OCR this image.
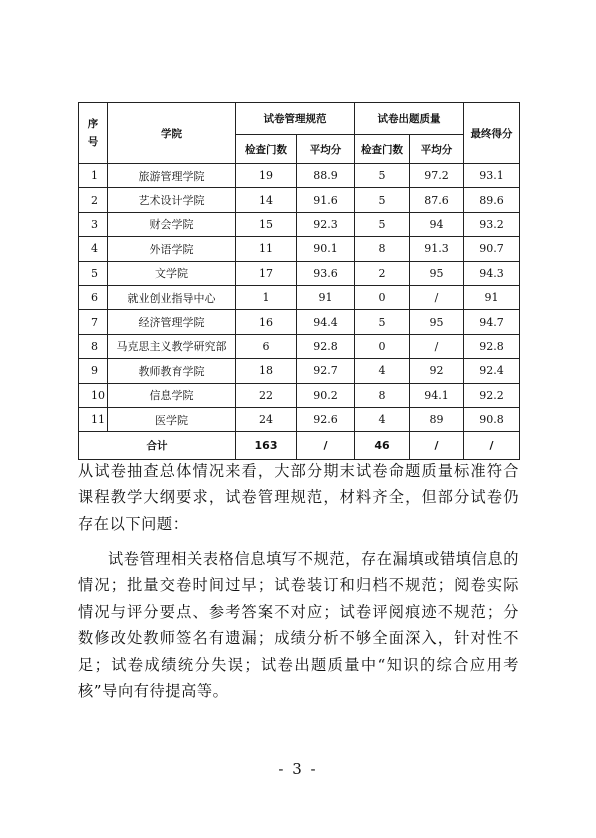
序号	学院	试卷管理规范		试卷出题质量		最终得分
		检查门数	平均分	检查门数	平均分	
1	旅游管理学院	19	88.9	5	97.2	93.1
2	艺术设计学院	14	91.6	5	87.6	89.6
3	财会学院	15	92.3	5	94	93.2
4	外语学院	11	90.1	8	91.3	90.7
5	文学院	17	93.6	2	95	94.3
6	就业创业指导中心	1	91	0	/	91
7	经济管理学院	16	94.4	5	95	94.7
8	马克思主义教学研究部	6	92.8	0	/	92.8
9	教师教育学院	18	92.7	4	92	92.4
10	信息学院	22	90.2	8	94.1	92.2
11	医学院	24	92.6	4	89	90.8
合计		163	/	46	/	/

从试卷抽查总体情况来看，大部分期末试卷命题质量标准符合课程教学大纲要求，试卷管理规范，材料齐全，但部分试卷仍存在以下问题：

试卷管理相关表格信息填写不规范，存在漏填或错填信息的情况；批量交卷时间过早；试卷装订和归档不规范；阅卷实际情况与评分要点、参考答案不对应；试卷评阅痕迹不规范；分数修改处教师签名有遗漏；成绩分析不够全面深入，针对性不足；试卷成绩统分失误；试卷出题质量中“知识的综合应用考核”导向有待提高等。

- 3 -
